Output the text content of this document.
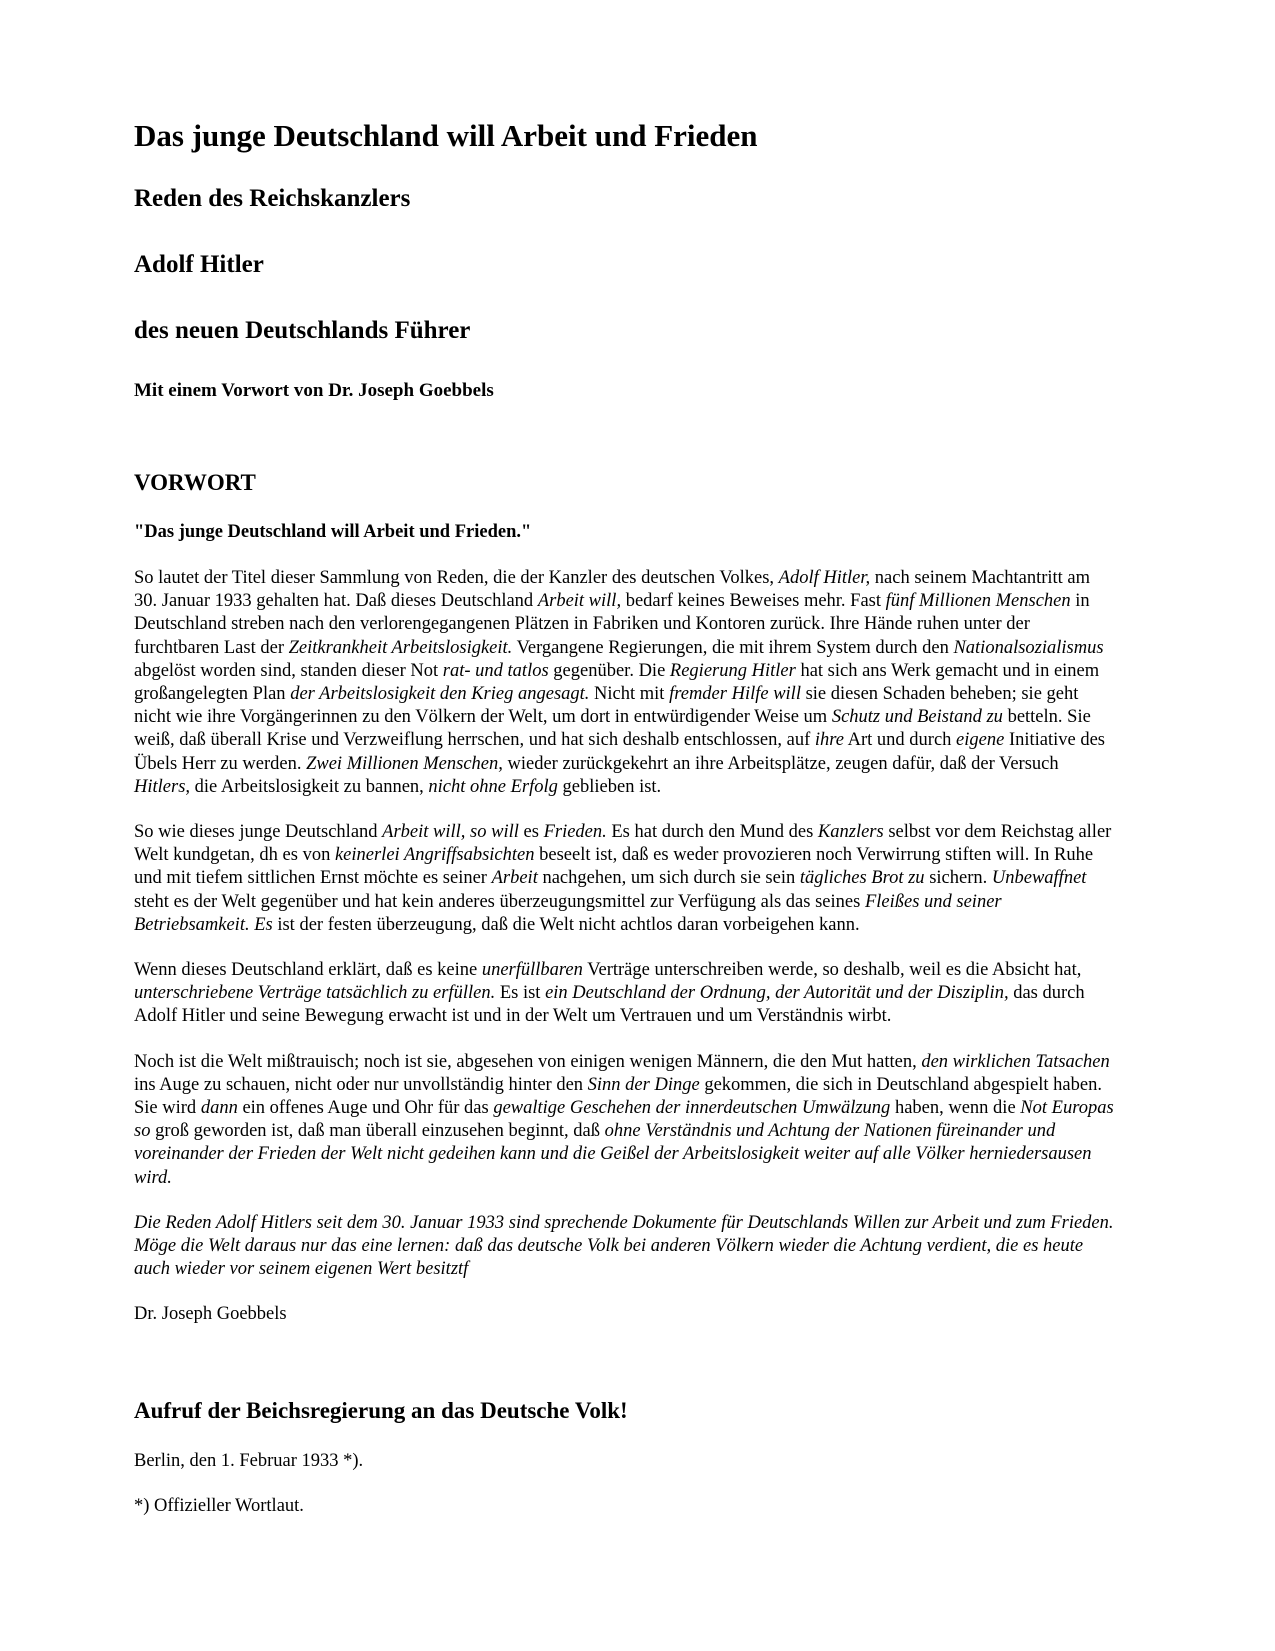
Das junge Deutschland will Arbeit und Frieden
Reden des Reichskanzlers
Adolf Hitler
des neuen Deutschlands Führer
Mit einem Vorwort von Dr. Joseph Goebbels
VORWORT

"Das junge Deutschland will Arbeit und Frieden."

So lautet der Titel dieser Sammlung von Reden, die der Kanzler des deutschen Volkes, Adolf Hitler, nach seinem Machtantritt am 30. Januar 1933 gehalten hat. Daß dieses Deutschland Arbeit will, bedarf keines Beweises mehr. Fast fünf Millionen Menschen in Deutschland streben nach den verlorengegangenen Plätzen in Fabriken und Kontoren zurück. Ihre Hände ruhen unter der furchtbaren Last der Zeitkrankheit Arbeitslosigkeit. Vergangene Regierungen, die mit ihrem System durch den Nationalsozialismus abgelöst worden sind, standen dieser Not rat- und tatlos gegenüber. Die Regierung Hitler hat sich ans Werk gemacht und in einem großangelegten Plan der Arbeitslosigkeit den Krieg angesagt. Nicht mit fremder Hilfe will sie diesen Schaden beheben; sie geht nicht wie ihre Vorgängerinnen zu den Völkern der Welt, um dort in entwürdigender Weise um Schutz und Beistand zu betteln. Sie weiß, daß überall Krise und Verzweiflung herrschen, und hat sich deshalb entschlossen, auf ihre Art und durch eigene Initiative des Übels Herr zu werden. Zwei Millionen Menschen, wieder zurückgekehrt an ihre Arbeitsplätze, zeugen dafür, daß der Versuch Hitlers, die Arbeitslosigkeit zu bannen, nicht ohne Erfolg geblieben ist.

So wie dieses junge Deutschland Arbeit will, so will es Frieden. Es hat durch den Mund des Kanzlers selbst vor dem Reichstag aller Welt kundgetan, dh es von keinerlei Angriffsabsichten beseelt ist, daß es weder provozieren noch Verwirrung stiften will. In Ruhe und mit tiefem sittlichen Ernst möchte es seiner Arbeit nachgehen, um sich durch sie sein tägliches Brot zu sichern. Unbewaffnet steht es der Welt gegenüber und hat kein anderes überzeugungsmittel zur Verfügung als das seines Fleißes und seiner Betriebsamkeit. Es ist der festen überzeugung, daß die Welt nicht achtlos daran vorbeigehen kann.

Wenn dieses Deutschland erklärt, daß es keine unerfüllbaren Verträge unterschreiben werde, so deshalb, weil es die Absicht hat, unterschriebene Verträge tatsächlich zu erfüllen. Es ist ein Deutschland der Ordnung, der Autorität und der Disziplin, das durch Adolf Hitler und seine Bewegung erwacht ist und in der Welt um Vertrauen und um Verständnis wirbt.

Noch ist die Welt mißtrauisch; noch ist sie, abgesehen von einigen wenigen Männern, die den Mut hatten, den wirklichen Tatsachen ins Auge zu schauen, nicht oder nur unvollständig hinter den Sinn der Dinge gekommen, die sich in Deutschland abgespielt haben. Sie wird dann ein offenes Auge und Ohr für das gewaltige Geschehen der innerdeutschen Umwälzung haben, wenn die Not Europas so groß geworden ist, daß man überall einzusehen beginnt, daß ohne Verständnis und Achtung der Nationen füreinander und voreinander der Frieden der Welt nicht gedeihen kann und die Geißel der Arbeitslosigkeit weiter auf alle Völker herniedersausen wird.

Die Reden Adolf Hitlers seit dem 30. Januar 1933 sind sprechende Dokumente für Deutschlands Willen zur Arbeit und zum Frieden. Möge die Welt daraus nur das eine lernen: daß das deutsche Volk bei anderen Völkern wieder die Achtung verdient, die es heute auch wieder vor seinem eigenen Wert besitztf

Dr. Joseph Goebbels

Aufruf der Beichsregierung an das Deutsche Volk!

Berlin, den 1. Februar 1933 *).

*) Offizieller Wortlaut.
